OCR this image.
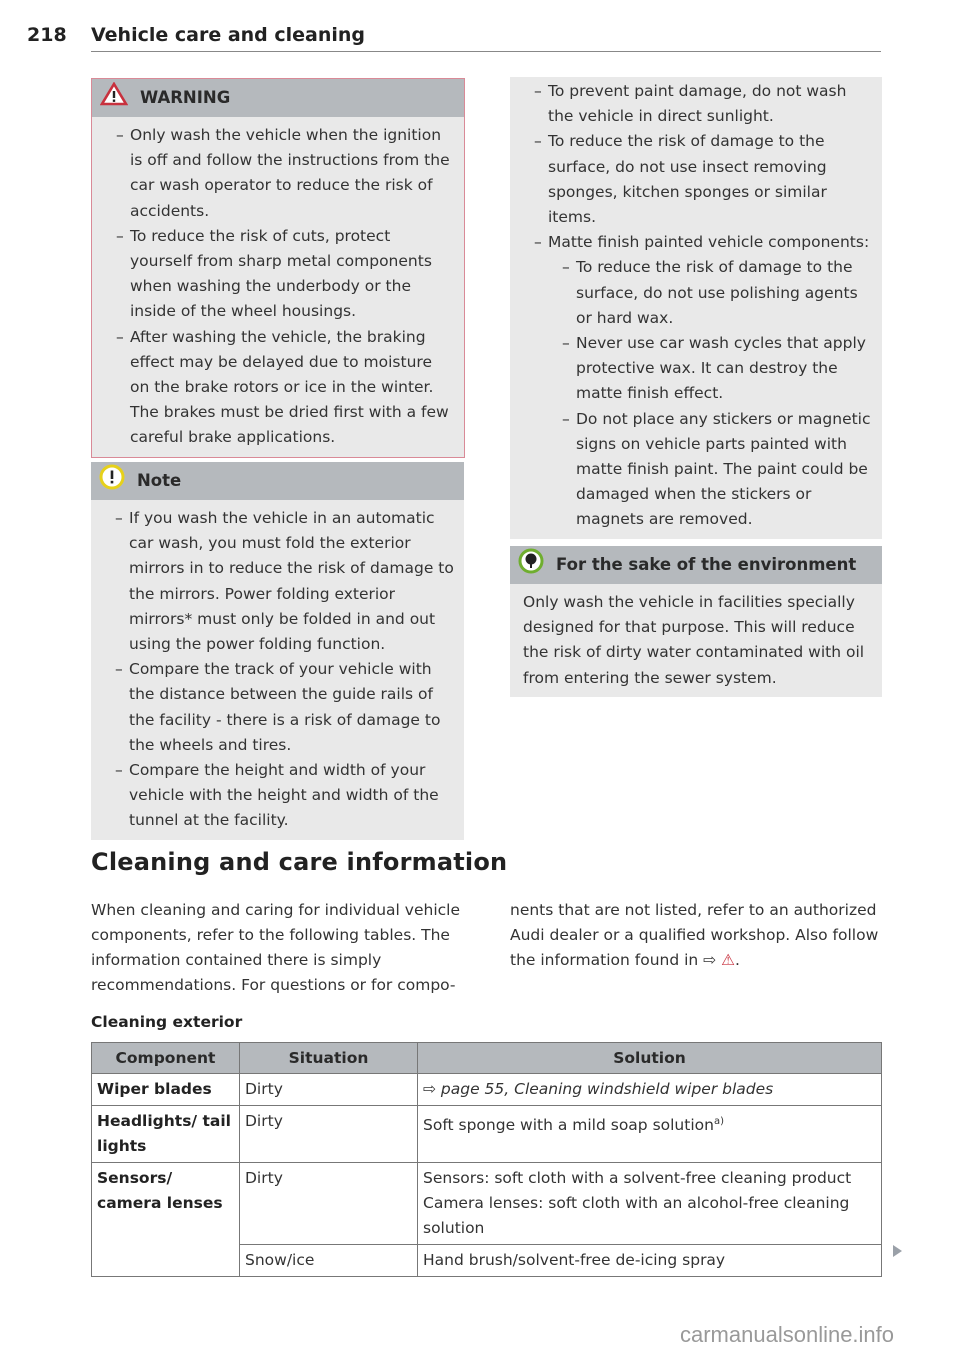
218 Vehicle care and cleaning
WARNING
– Only wash the vehicle when the ignition is off and follow the instructions from the car wash operator to reduce the risk of accidents.
– To reduce the risk of cuts, protect yourself from sharp metal components when washing the underbody or the inside of the wheel housings.
– After washing the vehicle, the braking effect may be delayed due to moisture on the brake rotors or ice in the winter. The brakes must be dried first with a few careful brake applications.
Note
– If you wash the vehicle in an automatic car wash, you must fold the exterior mirrors in to reduce the risk of damage to the mirrors. Power folding exterior mirrors* must only be folded in and out using the power folding function.
– Compare the track of your vehicle with the distance between the guide rails of the facility - there is a risk of damage to the wheels and tires.
– Compare the height and width of your vehicle with the height and width of the tunnel at the facility.
– To prevent paint damage, do not wash the vehicle in direct sunlight.
– To reduce the risk of damage to the surface, do not use insect removing sponges, kitchen sponges or similar items.
– Matte finish painted vehicle components:
– To reduce the risk of damage to the surface, do not use polishing agents or hard wax.
– Never use car wash cycles that apply protective wax. It can destroy the matte finish effect.
– Do not place any stickers or magnetic signs on vehicle parts painted with matte finish paint. The paint could be damaged when the stickers or magnets are removed.
For the sake of the environment
Only wash the vehicle in facilities specially designed for that purpose. This will reduce the risk of dirty water contaminated with oil from entering the sewer system.
Cleaning and care information
When cleaning and caring for individual vehicle components, refer to the following tables. The information contained there is simply recommendations. For questions or for compo-
nents that are not listed, refer to an authorized Audi dealer or a qualified workshop. Also follow the information found in ⇨ ⚠.
Cleaning exterior
Component	Situation	Solution
Wiper blades	Dirty	⇨ page 55, Cleaning windshield wiper blades
Headlights/ tail lights	Dirty	Soft sponge with a mild soap solution$^{a)}$
Sensors/ camera lenses	Dirty	Sensors: soft cloth with a solvent-free cleaning product Camera lenses: soft cloth with an alcohol-free cleaning solution
	Snow/ice	Hand brush/solvent-free de-icing spray
carmanualsonline.info
